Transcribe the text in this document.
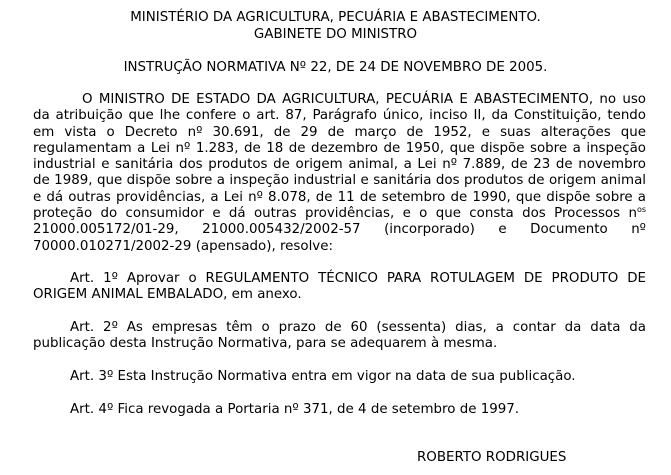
MINISTÉRIO DA AGRICULTURA, PECUÁRIA E ABASTECIMENTO.
GABINETE DO MINISTRO
INSTRUÇÃO NORMATIVA Nº 22, DE 24 DE NOVEMBRO DE 2005.

O MINISTRO DE ESTADO DA AGRICULTURA, PECUÁRIA E ABASTECIMENTO, no uso da atribuição que lhe confere o art. 87, Parágrafo único, inciso II, da Constituição, tendo em vista o Decreto nº 30.691, de 29 de março de 1952, e suas alterações que regulamentam a Lei nº 1.283, de 18 de dezembro de 1950, que dispõe sobre a inspeção industrial e sanitária dos produtos de origem animal, a Lei nº 7.889, de 23 de novembro de 1989, que dispõe sobre a inspeção industrial e sanitária dos produtos de origem animal e dá outras providências, a Lei nº 8.078, de 11 de setembro de 1990, que dispõe sobre a proteção do consumidor e dá outras providências, e o que consta dos Processos $n^{os}$ 21000.005172/01-29, 21000.005432/2002-57 (incorporado) e Documento nº 70000.010271/2002-29 (apensado), resolve:

Art. 1º Aprovar o REGULAMENTO TÉCNICO PARA ROTULAGEM DE PRODUTO DE ORIGEM ANIMAL EMBALADO, em anexo.

Art. 2º As empresas têm o prazo de 60 (sessenta) dias, a contar da data da publicação desta Instrução Normativa, para se adequarem à mesma.

Art. 3º Esta Instrução Normativa entra em vigor na data de sua publicação.

Art. 4º Fica revogada a Portaria nº 371, de 4 de setembro de 1997.

ROBERTO RODRIGUES
